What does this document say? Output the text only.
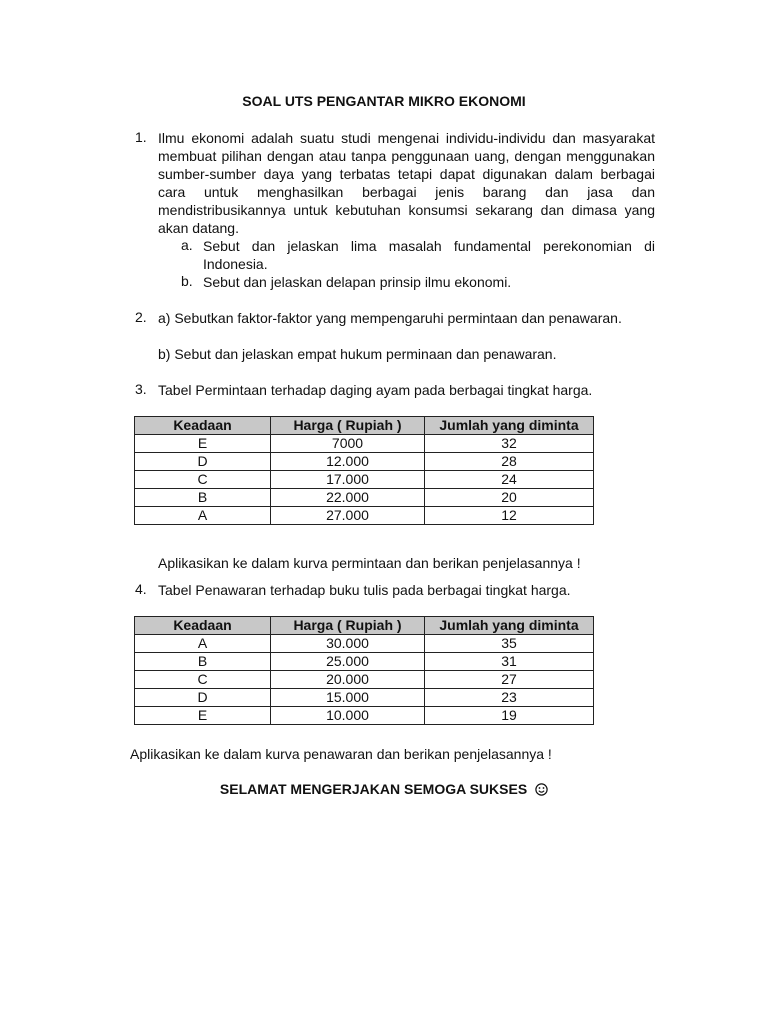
SOAL UTS PENGANTAR MIKRO EKONOMI
1. Ilmu ekonomi adalah suatu studi mengenai individu-individu dan masyarakat membuat pilihan dengan atau tanpa penggunaan uang, dengan menggunakan sumber-sumber daya yang terbatas tetapi dapat digunakan dalam berbagai cara untuk menghasilkan berbagai jenis barang dan jasa dan mendistribusikannya untuk kebutuhan konsumsi sekarang dan dimasa yang akan datang.
a. Sebut dan jelaskan lima masalah fundamental perekonomian di Indonesia.
b. Sebut dan jelaskan delapan prinsip ilmu ekonomi.
2. a) Sebutkan faktor-faktor yang mempengaruhi permintaan dan penawaran.
b) Sebut dan jelaskan empat hukum perminaan dan penawaran.
3. Tabel Permintaan terhadap daging ayam pada berbagai tingkat harga.
Keadaan	Harga ( Rupiah )	Jumlah yang diminta
E	7000	32
D	12.000	28
C	17.000	24
B	22.000	20
A	27.000	12
Aplikasikan ke dalam kurva permintaan dan berikan penjelasannya !
4. Tabel Penawaran terhadap buku tulis pada berbagai tingkat harga.
Keadaan	Harga ( Rupiah )	Jumlah yang diminta
A	30.000	35
B	25.000	31
C	20.000	27
D	15.000	23
E	10.000	19
Aplikasikan ke dalam kurva penawaran dan berikan penjelasannya !
SELAMAT MENGERJAKAN SEMOGA SUKSES
